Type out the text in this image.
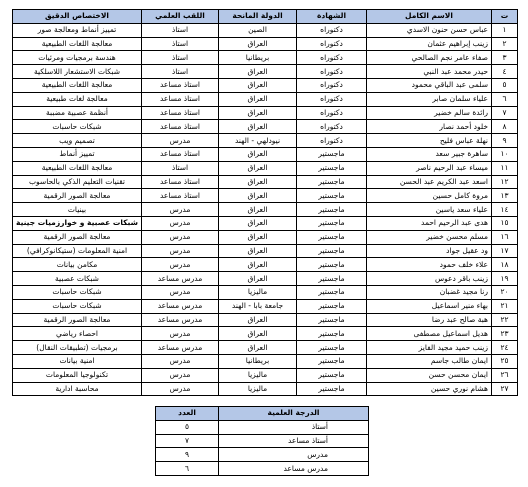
ت	الاسم الكامل	الشهادة	الدولة المانحة	اللقب العلمي	الاختصاص الدقيق
١	عباس حسن حنون الاسدي	دكتوراه	الصين	استاذ	تمييز أنماط ومعالجة صور
٢	زينب إبراهيم عثمان	دكتوراه	العراق	استاذ	معالجة اللغات الطبيعية
٣	صفاء عامر نجم الصالحي	دكتوراه	بريطانيا	استاذ	هندسة برمجيات ومرئيات
٤	حيدر محمد عبد النبي	دكتوراه	العراق	استاذ	شبكات الاستشعار اللاسلكية
٥	سلمى عبد الباقي محمود	دكتوراه	العراق	استاذ مساعد	معالجة اللغات الطبيعية
٦	علياء سلمان صابر	دكتوراه	العراق	استاذ مساعد	معالجة لغات طبيعية
٧	رائدة سالم خضير	دكتوراه	العراق	استاذ مساعد	أنظمة عصبية مضببة
٨	خلود أحمد نصار	دكتوراه	العراق	استاذ مساعد	شبكات حاسبات
٩	نهلة عباس فليح	دكتوراه	نيودلهي - الهند	مدرس	تصميم ويب
١٠	ساهرة جبير سعد	ماجستير	العراق	استاذ مساعد	تمييز أنماط
١١	ميساء عبد الرحيم ناصر	ماجستير	العراق	استاذ	معالجة اللغات الطبيعية
١٢	اسعد عبد الكريم عبد الحسن	ماجستير	العراق	استاذ مساعد	تقنيات التعليم الذكي بالحاسوب
١٣	مروة كامل حسين	ماجستير	العراق	استاذ مساعد	معالجة الصور الرقمية
١٤	علياء سعد ياسين	ماجستير	العراق	مدرس	بينيات
١٥	هدى عبد الرحيم احمد	ماجستير	العراق	مدرس	شبكات عصبية و خوارزميات جينية
١٦	مسلم محسن خضير	ماجستير	العراق	مدرس	معالجة الصور الرقمية
١٧	ود عقيل جواد	ماجستير	العراق	مدرس	امنية المعلومات (ستيكانوكرافي)
١٨	علاء خلف حمود	ماجستير	العراق	مدرس	مكامن بيانات
١٩	زينب باقر دعوس	ماجستير	العراق	مدرس مساعد	شبكات عصبية
٢٠	رنا مجيد غضبان	ماجستير	ماليزيا	مدرس	شبكات حاسبات
٢١	بهاء منير اسماعيل	ماجستير	جامعة بابا - الهند	مدرس مساعد	شبكات حاسبات
٢٢	هبة صالح عبد رضا	ماجستير	العراق	مدرس مساعد	معالجة الصور الرقمية
٢٣	هديل اسماعيل مصطفى	ماجستير	العراق	مدرس	احصاء رياضي
٢٤	زينب حميد مجيد الفايز	ماجستير	العراق	مدرس مساعد	برمجيات (تطبيقات النقال)
٢٥	ايمان طالب جاسم	ماجستير	بريطانيا	مدرس	امنية بيانات
٢٦	ايمان محسن حسن	ماجستير	ماليزيا	مدرس	تكنولوجيا المعلومات
٢٧	هشام نوري حسين	ماجستير	ماليزيا	مدرس	محاسبة ادارية
الدرجة العلمية	العدد
أستاذ	٥
أستاذ مساعد	٧
مدرس	٩
مدرس مساعد	٦
